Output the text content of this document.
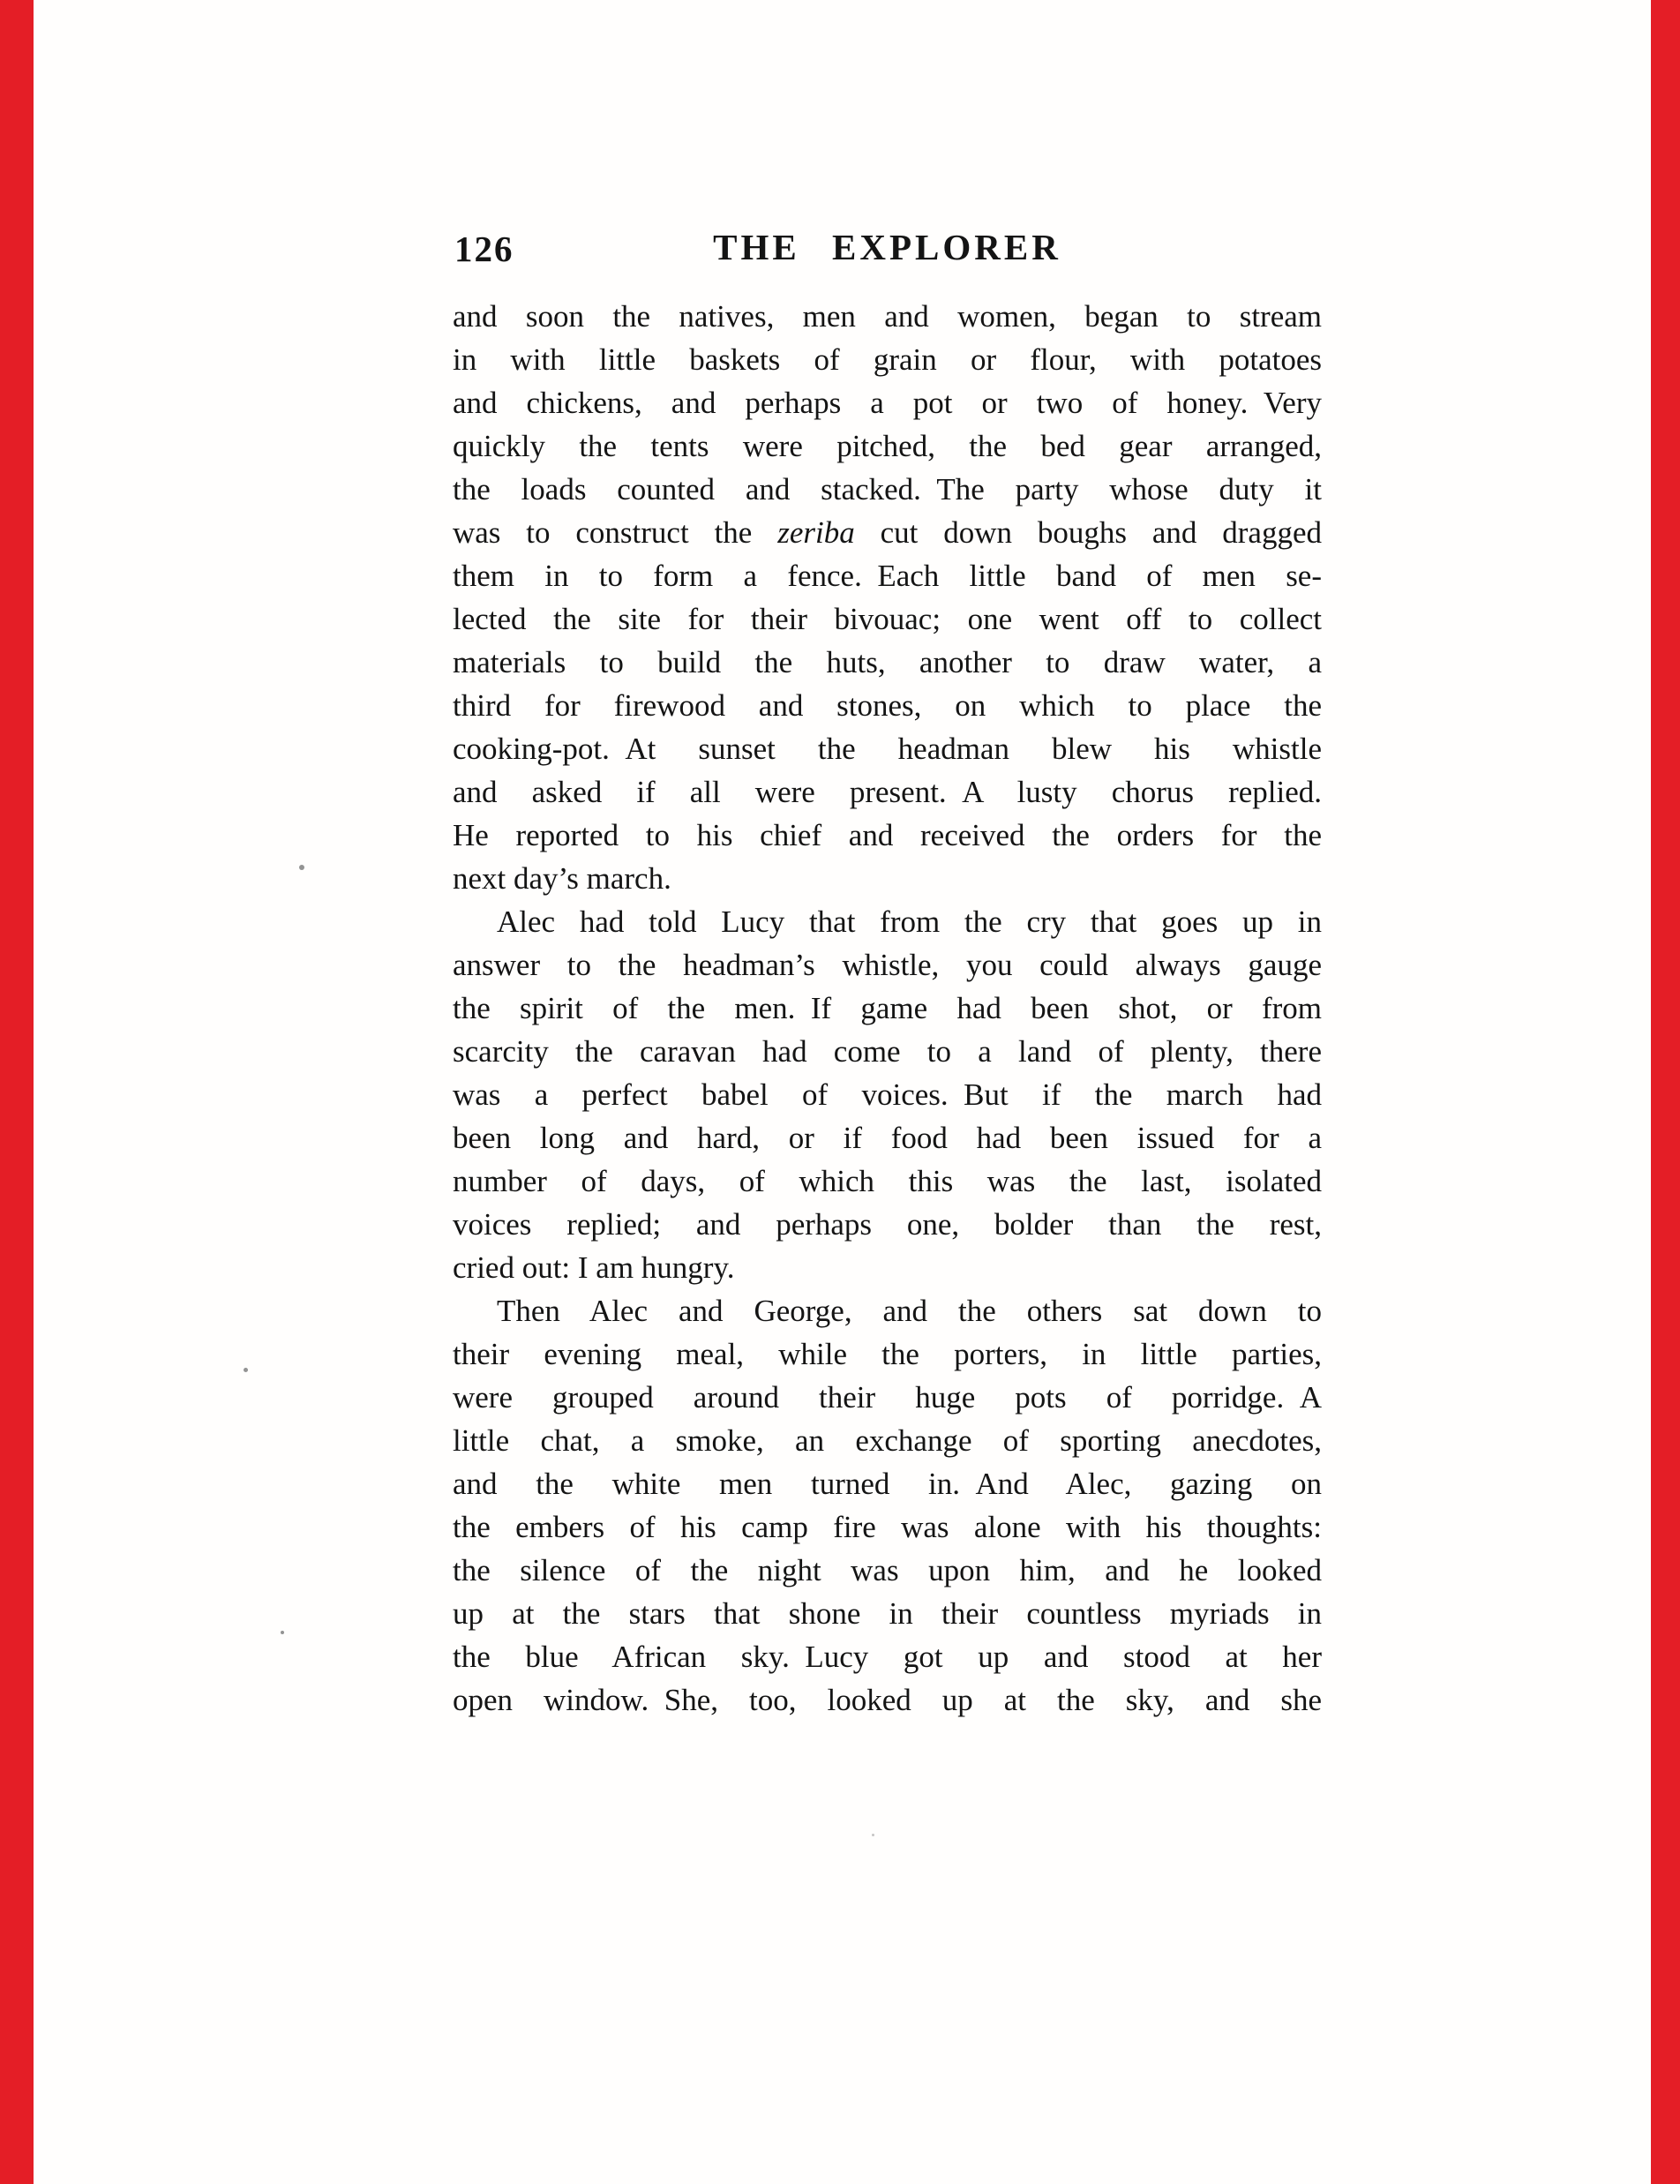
126	THE EXPLORER
and soon the natives, men and women, began to stream
in with little baskets of grain or flour, with potatoes
and chickens, and perhaps a pot or two of honey. Very
quickly the tents were pitched, the bed gear arranged,
the loads counted and stacked. The party whose duty it
was to construct the zeriba cut down boughs and dragged
them in to form a fence. Each little band of men se-
lected the site for their bivouac; one went off to collect
materials to build the huts, another to draw water, a
third for firewood and stones, on which to place the
cooking-pot. At sunset the headman blew his whistle
and asked if all were present. A lusty chorus replied.
He reported to his chief and received the orders for the
next day’s march.
Alec had told Lucy that from the cry that goes up in
answer to the headman’s whistle, you could always gauge
the spirit of the men. If game had been shot, or from
scarcity the caravan had come to a land of plenty, there
was a perfect babel of voices. But if the march had
been long and hard, or if food had been issued for a
number of days, of which this was the last, isolated
voices replied; and perhaps one, bolder than the rest,
cried out: I am hungry.
Then Alec and George, and the others sat down to
their evening meal, while the porters, in little parties,
were grouped around their huge pots of porridge. A
little chat, a smoke, an exchange of sporting anecdotes,
and the white men turned in. And Alec, gazing on
the embers of his camp fire was alone with his thoughts:
the silence of the night was upon him, and he looked
up at the stars that shone in their countless myriads in
the blue African sky. Lucy got up and stood at her
open window. She, too, looked up at the sky, and she
